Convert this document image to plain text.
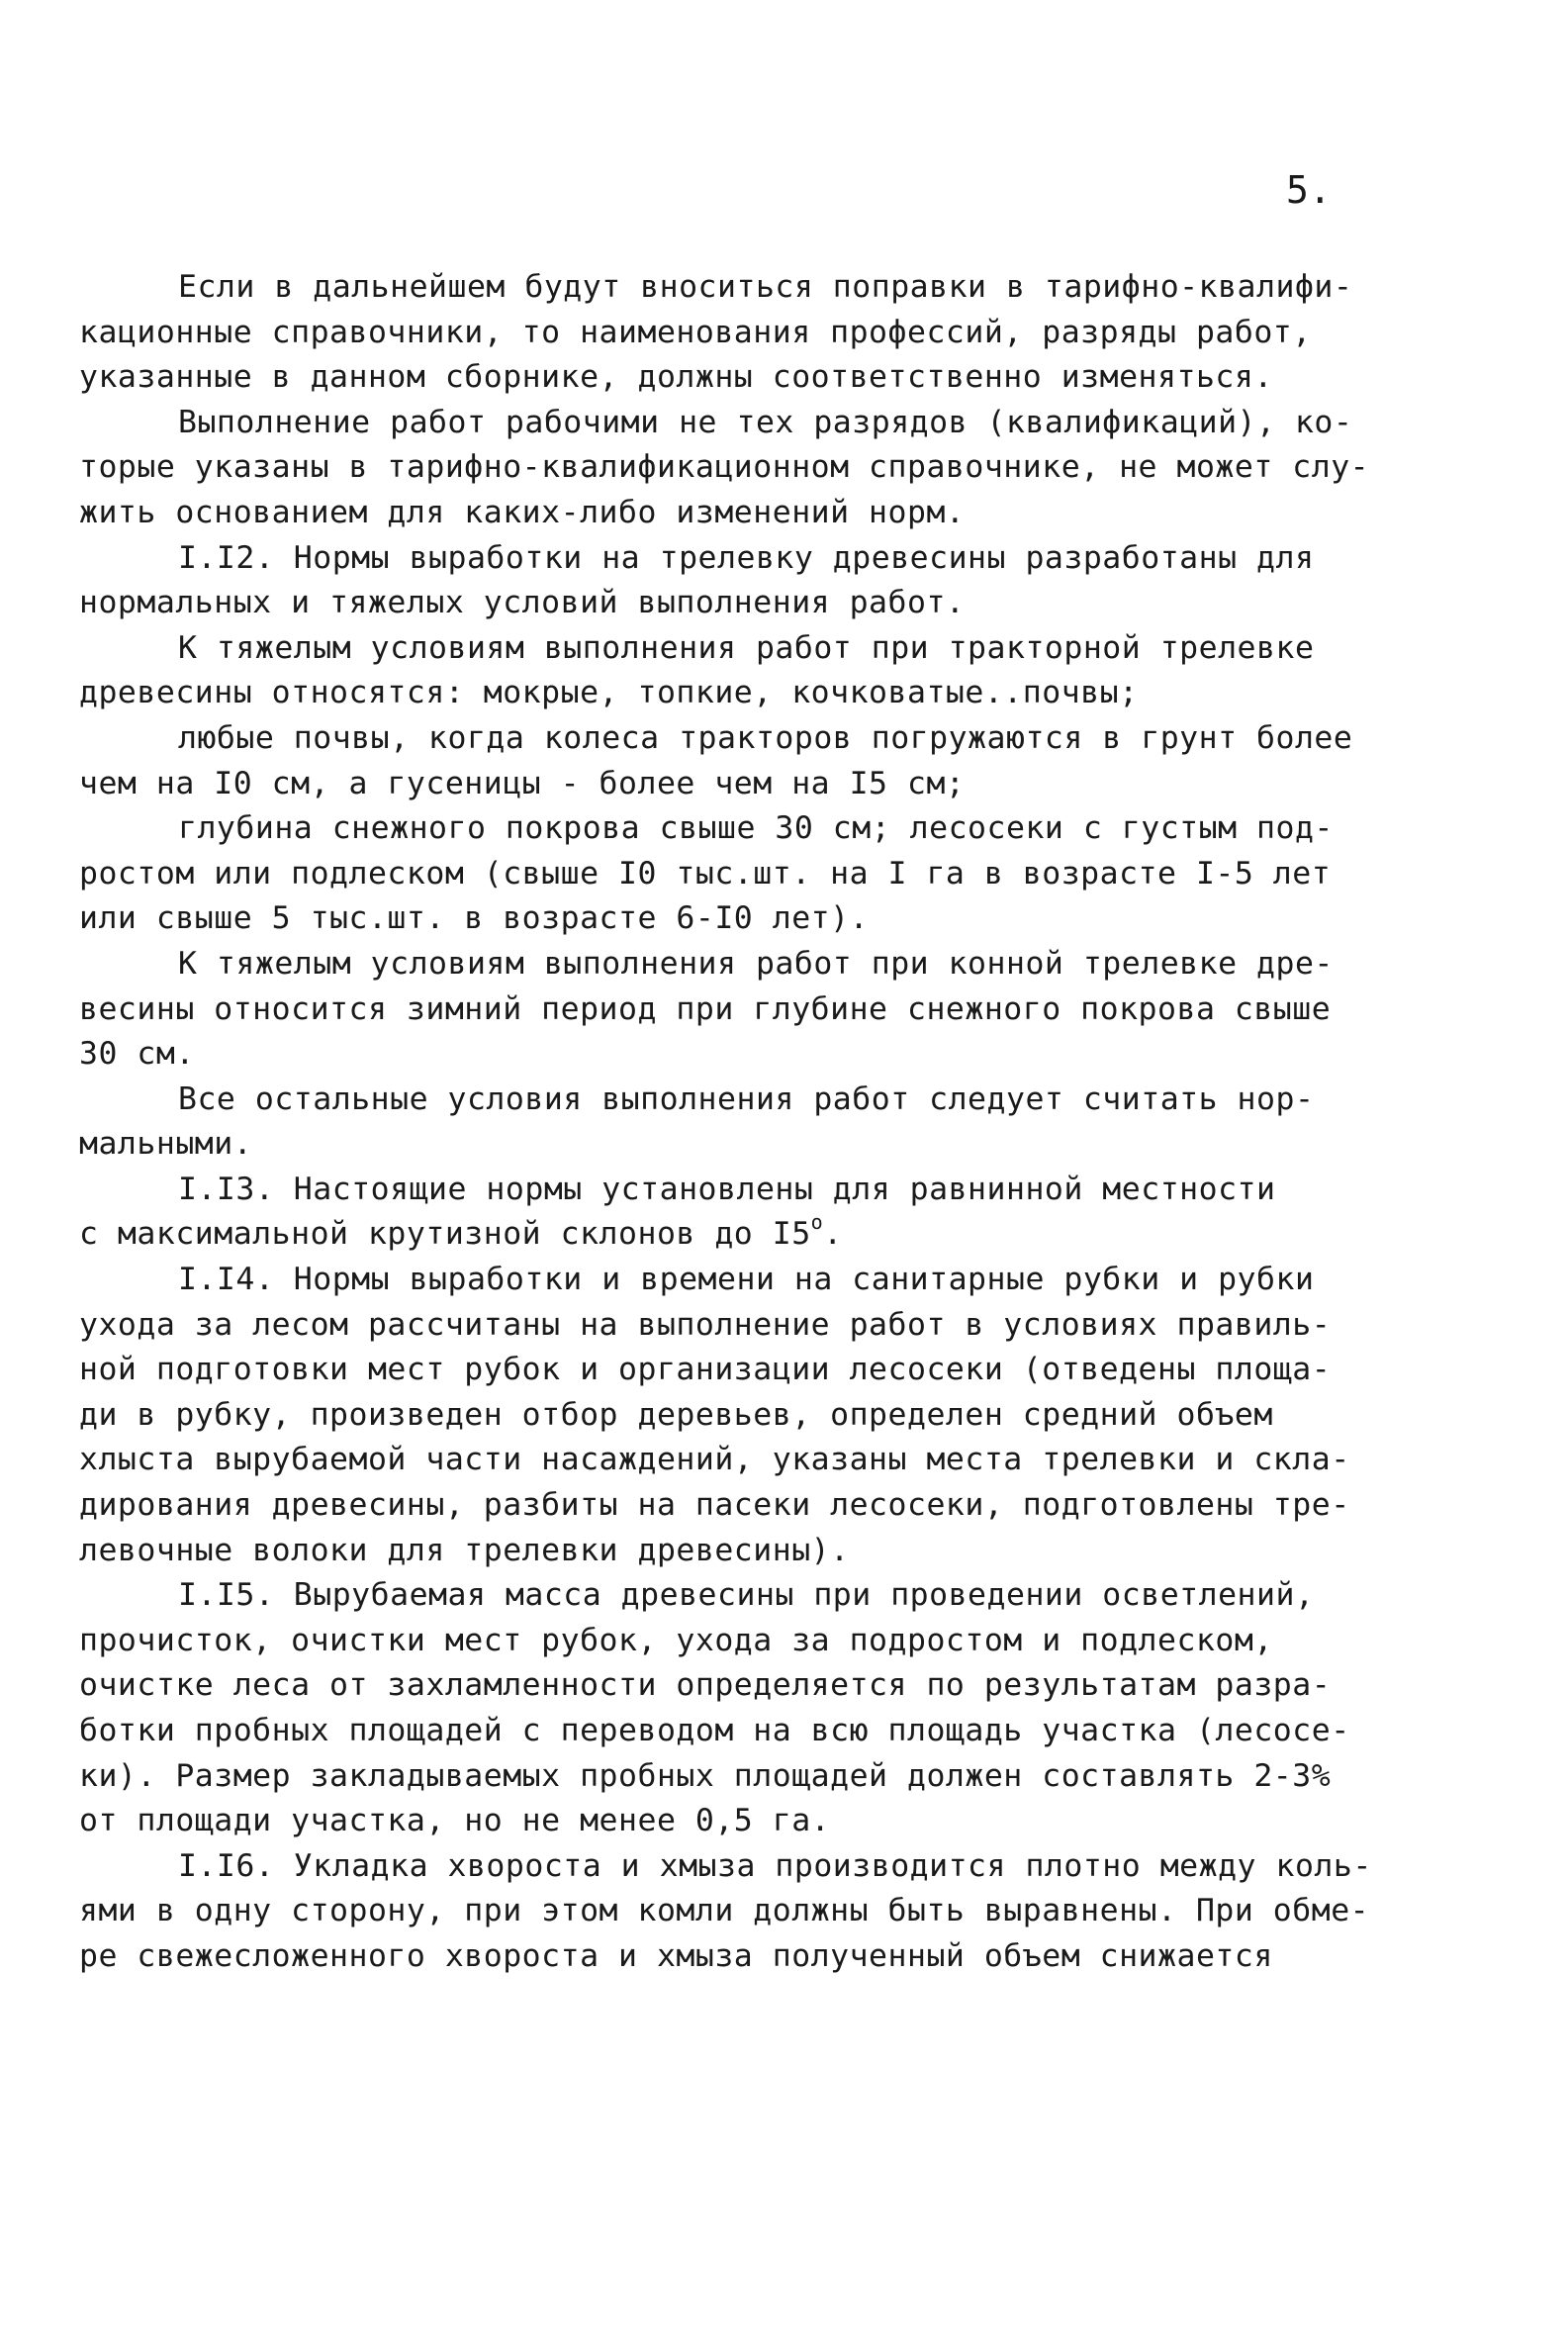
5.
Если в дальнейшем будут вноситься поправки в тарифно-квалифи-
кационные справочники, то наименования профессий, разряды работ,
указанные в данном сборнике, должны соответственно изменяться.
Выполнение работ рабочими не тех разрядов (квалификаций), ко-
торые указаны в тарифно-квалификационном справочнике, не может слу-
жить основанием для каких-либо изменений норм.
I.I2. Нормы выработки на трелевку древесины разработаны для
нормальных и тяжелых условий выполнения работ.
К тяжелым условиям выполнения работ при тракторной трелевке
древесины относятся: мокрые, топкие, кочковатые..почвы;
любые почвы, когда колеса тракторов погружаются в грунт более
чем на I0 см, а гусеницы - более чем на I5 см;
глубина снежного покрова свыше 30 см; лесосеки с густым под-
ростом или подлеском (свыше I0 тыс.шт. на I га в возрасте I-5 лет
или свыше 5 тыс.шт. в возрасте 6-I0 лет).
К тяжелым условиям выполнения работ при конной трелевке дре-
весины относится зимний период при глубине снежного покрова свыше
30 см.
Все остальные условия выполнения работ следует считать нор-
мальными.
I.I3. Настоящие нормы установлены для равнинной местности
с максимальной крутизной склонов до $I5^о$.
I.I4. Нормы выработки и времени на санитарные рубки и рубки
ухода за лесом рассчитаны на выполнение работ в условиях правиль-
ной подготовки мест рубок и организации лесосеки (отведены площа-
ди в рубку, произведен отбор деревьев, определен средний объем
хлыста вырубаемой части насаждений, указаны места трелевки и скла-
дирования древесины, разбиты на пасеки лесосеки, подготовлены тре-
левочные волоки для трелевки древесины).
I.I5. Вырубаемая масса древесины при проведении осветлений,
прочисток, очистки мест рубок, ухода за подростом и подлеском,
очистке леса от захламленности определяется по результатам разра-
ботки пробных площадей с переводом на всю площадь участка (лесосе-
ки). Размер закладываемых пробных площадей должен составлять 2-3%
от площади участка, но не менее 0,5 га.
I.I6. Укладка хвороста и хмыза производится плотно между коль-
ями в одну сторону, при этом комли должны быть выравнены. При обме-
ре свежесложенного хвороста и хмыза полученный объем снижается
